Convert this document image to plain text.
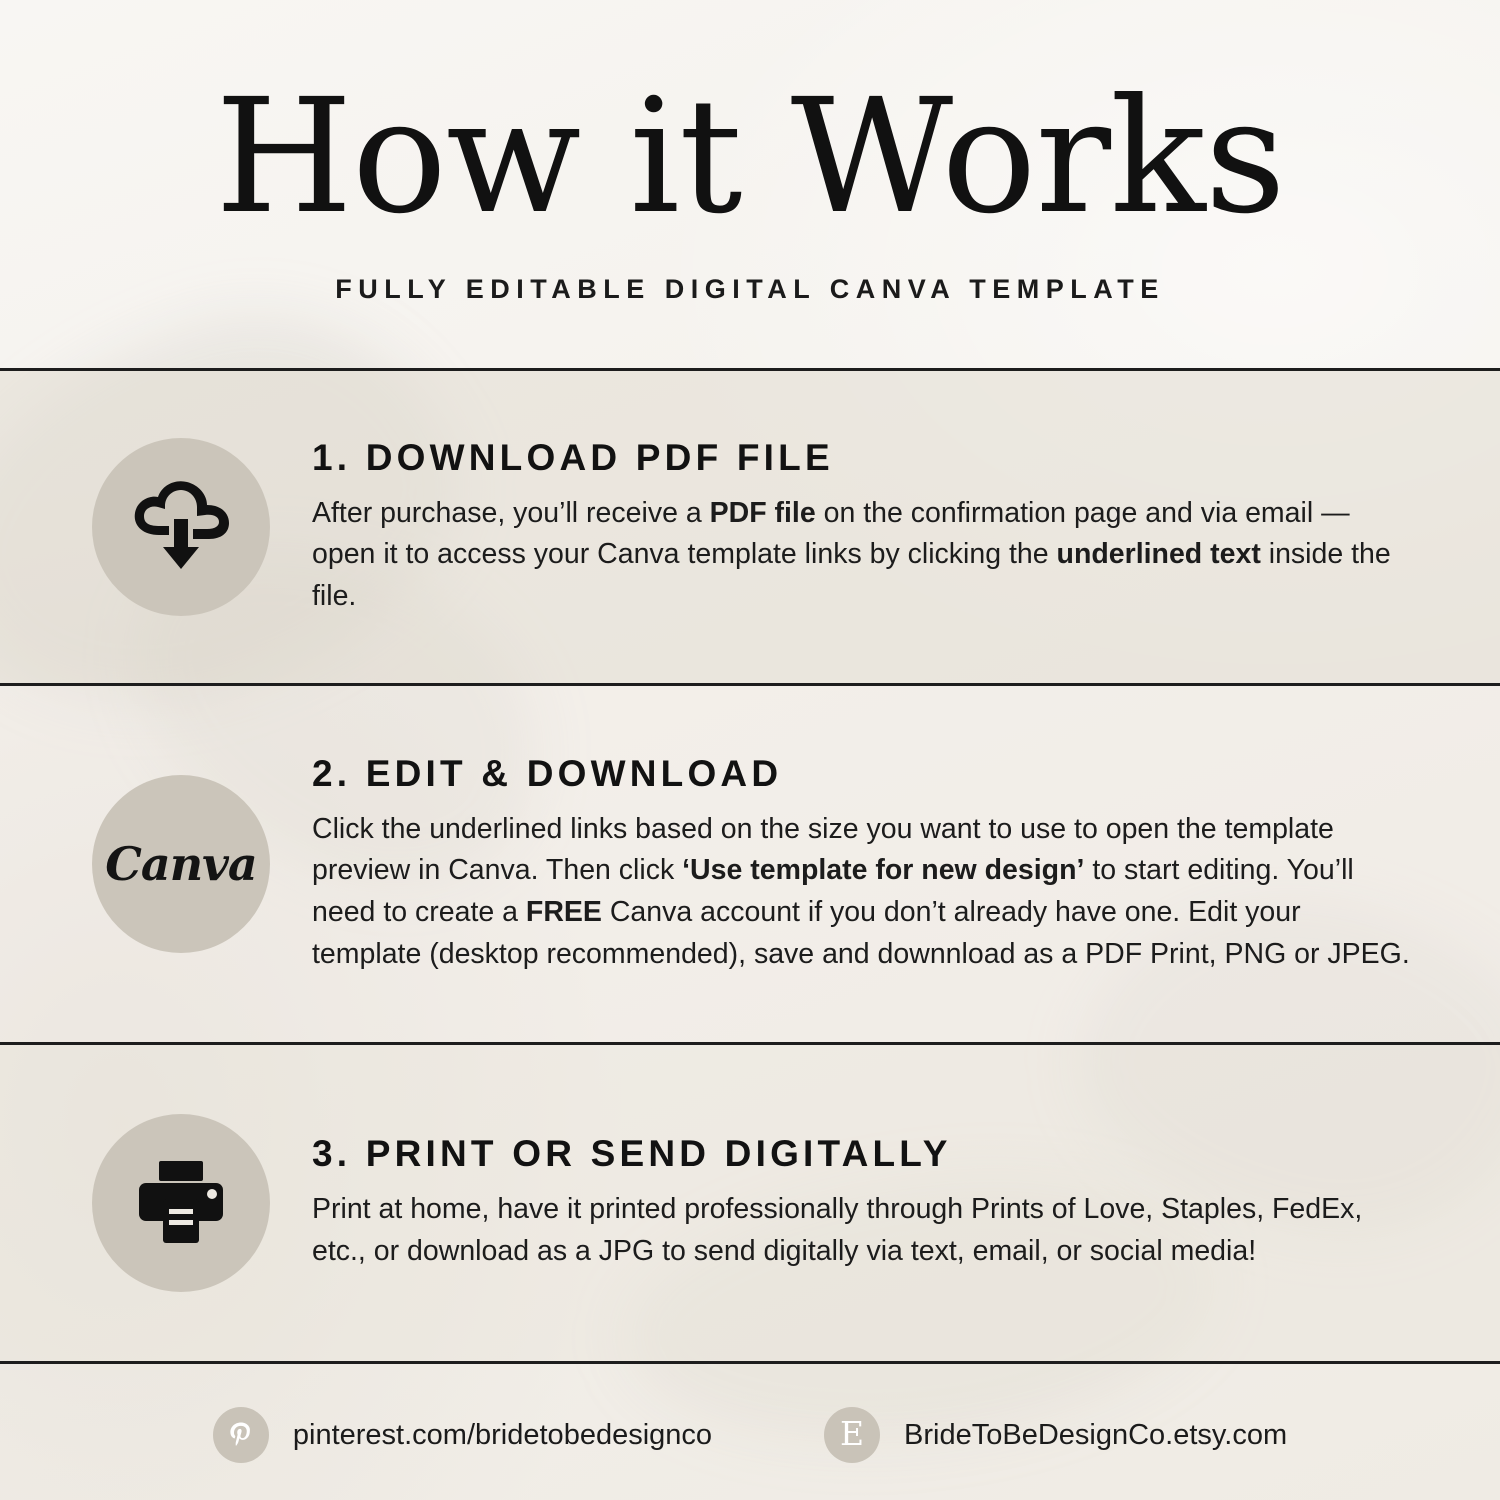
How it Works
FULLY EDITABLE DIGITAL CANVA TEMPLATE
1. DOWNLOAD PDF FILE
After purchase, you’ll receive a PDF file on the confirmation page and via email — open it to access your Canva template links by clicking the underlined text inside the file.
Canva
2. EDIT & DOWNLOAD
Click the underlined links based on the size you want to use to open the template preview in Canva. Then click ‘Use template for new design’ to start editing. You’ll need to create a FREE Canva account if you don’t already have one. Edit your template (desktop recommended), save and downnload as a PDF Print, PNG or JPEG.
3. PRINT OR SEND DIGITALLY
Print at home, have it printed professionally through Prints of Love, Staples, FedEx, etc., or download as a JPG to send digitally via text, email, or social media!
pinterest.com/bridetobedesignco	E	BrideToBeDesignCo.etsy.com
